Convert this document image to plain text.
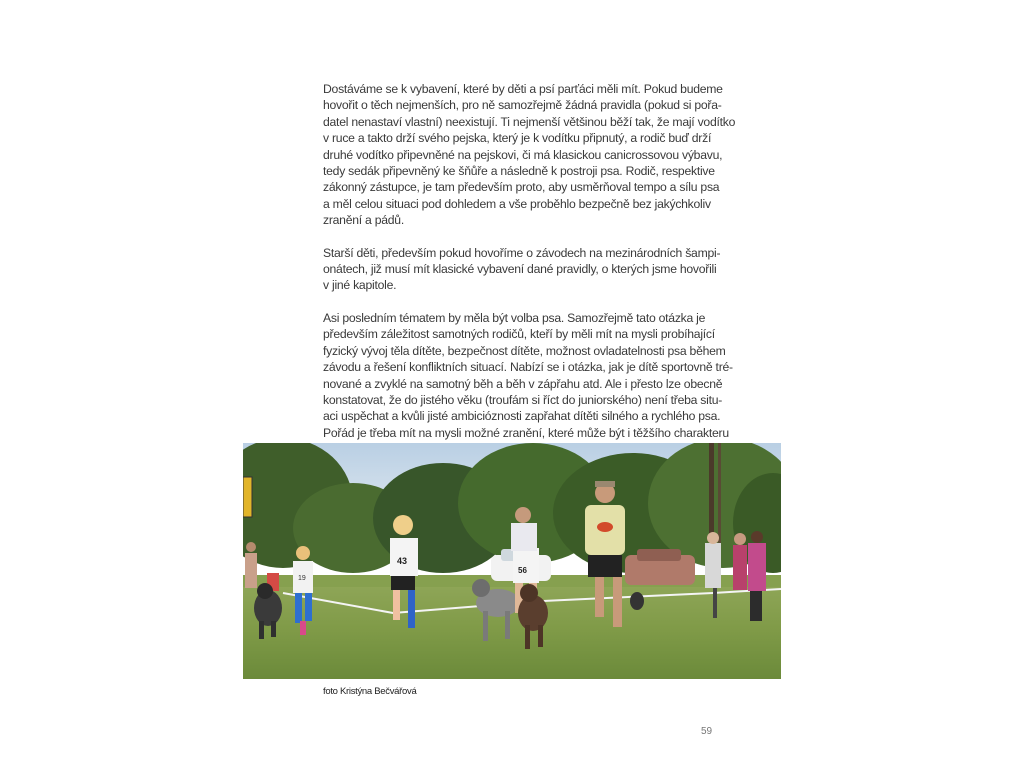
Dostáváme se k vybavení, které by děti a psí parťáci měli mít. Pokud budeme
hovořit o těch nejmenších, pro ně samozřejmě žádná pravidla (pokud si pořa-
datel nenastaví vlastní) neexistují. Ti nejmenší většinou běží tak, že mají vodítko
v ruce a takto drží svého pejska, který je k vodítku připnutý, a rodič buď drží
druhé vodítko připevněné na pejskovi, či má klasickou canicrossovou výbavu,
tedy sedák připevněný ke šňůře a následně k postroji psa. Rodič, respektive
zákonný zástupce, je tam především proto, aby usměrňoval tempo a sílu psa
a měl celou situaci pod dohledem a vše proběhlo bezpečně bez jakýchkoliv
zranění a pádů.

Starší děti, především pokud hovoříme o závodech na mezinárodních šampi-
onátech, již musí mít klasické vybavení dané pravidly, o kterých jsme hovořili
v jiné kapitole.

Asi posledním tématem by měla být volba psa. Samozřejmě tato otázka je
především záležitost samotných rodičů, kteří by měli mít na mysli probíhající
fyzický vývoj těla dítěte, bezpečnost dítěte, možnost ovladatelnosti psa během
závodu a řešení konfliktních situací. Nabízí se i otázka, jak je dítě sportovně tré-
nované a zvyklé na samotný běh a běh v zápřahu atd. Ale i přesto lze obecně
konstatovat, že do jistého věku (troufám si říct do juniorského) není třeba situ-
aci uspěchat a kvůli jisté ambicióznosti zapřahat dítěti silného a rychlého psa.
Pořád je třeba mít na mysli možné zranění, které může být i těžšího charakteru

19
43
56
foto Kristýna Bečvářová
59
